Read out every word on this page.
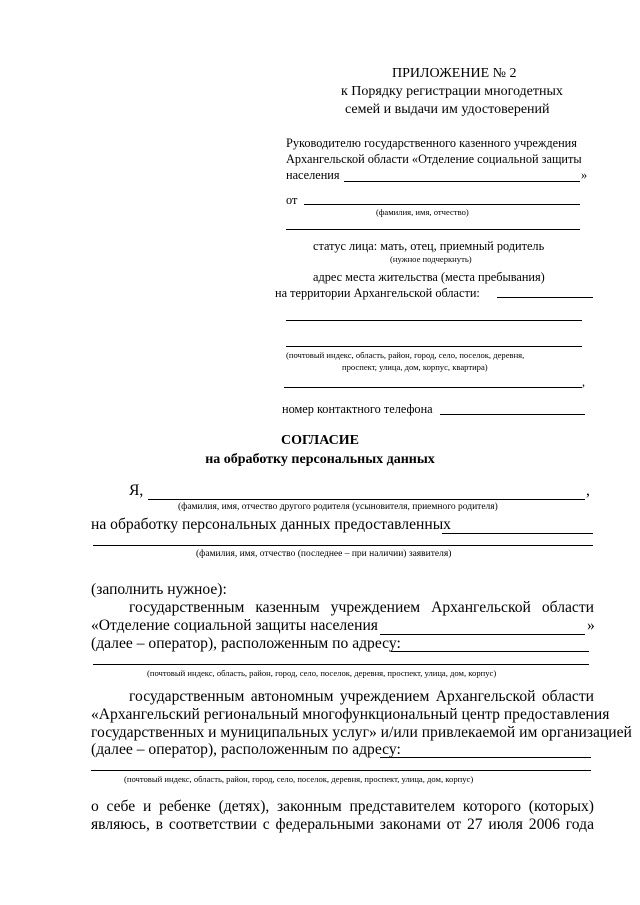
ПРИЛОЖЕНИЕ № 2
к Порядку регистрации многодетных
семей и выдачи им удостоверений
Руководителю государственного казенного учреждения
Архангельской области «Отделение социальной защиты
населения	»
от
(фамилия, имя, отчество)
статус лица: мать, отец, приемный родитель
(нужное подчеркнуть)
адрес места жительства (места пребывания)
на территории Архангельской области:
(почтовый индекс, область, район, город, село, поселок, деревня,
проспект, улица, дом, корпус, квартира)
,
номер контактного телефона
СОГЛАСИЕ
на обработку персональных данных
Я,	,
(фамилия, имя, отчество другого родителя (усыновителя, приемного родителя)
на обработку персональных данных предоставленных
(фамилия, имя, отчество (последнее – при наличии) заявителя)
(заполнить нужное):
государственным казенным учреждением Архангельской области
«Отделение социальной защиты населения	»
(далее – оператор), расположенным по адресу:
(почтовый индекс, область, район, город, село, поселок, деревня, проспект, улица, дом, корпус)
государственным автономным учреждением Архангельской области
«Архангельский региональный многофункциональный центр предоставления
государственных и муниципальных услуг» и/или привлекаемой им организацией
(далее – оператор), расположенным по адресу:
(почтовый индекс, область, район, город, село, поселок, деревня, проспект, улица, дом, корпус)
о себе и ребенке (детях), законным представителем которого (которых)
являюсь, в соответствии с федеральными законами от 27 июля 2006 года
